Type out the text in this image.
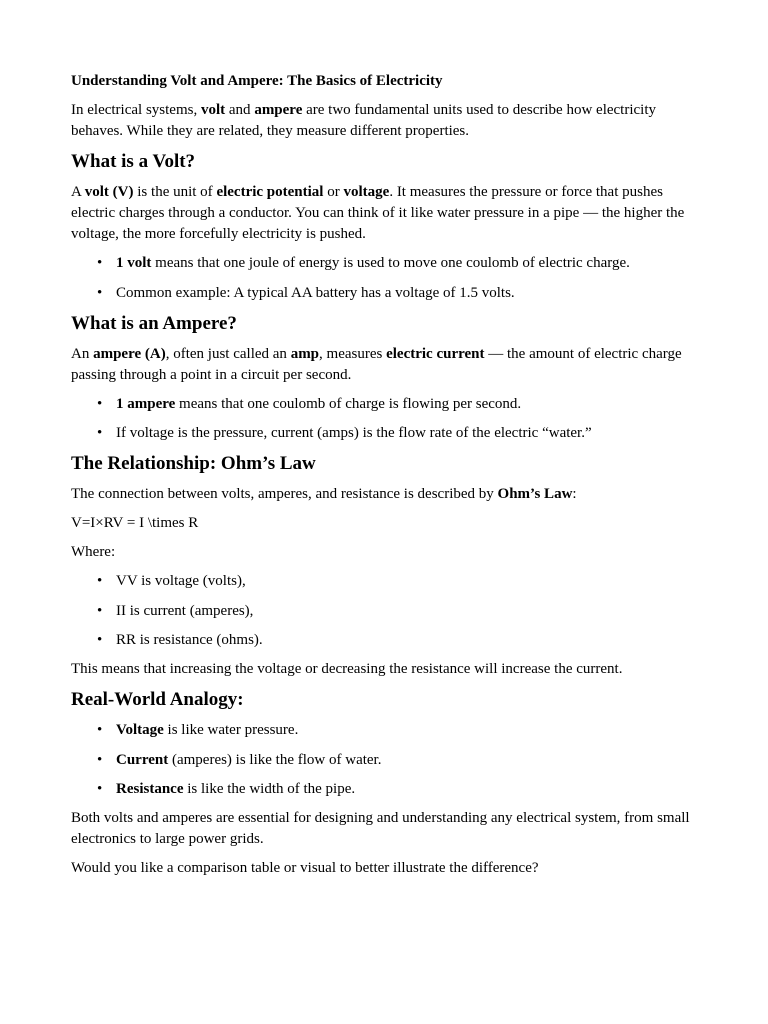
Understanding Volt and Ampere: The Basics of Electricity

In electrical systems, volt and ampere are two fundamental units used to describe how electricity behaves. While they are related, they measure different properties.

What is a Volt?

A volt (V) is the unit of electric potential or voltage. It measures the pressure or force that pushes electric charges through a conductor. You can think of it like water pressure in a pipe — the higher the voltage, the more forcefully electricity is pushed.

• 1 volt means that one joule of energy is used to move one coulomb of electric charge.
• Common example: A typical AA battery has a voltage of 1.5 volts.
What is an Ampere?

An ampere (A), often just called an amp, measures electric current — the amount of electric charge passing through a point in a circuit per second.

• 1 ampere means that one coulomb of charge is flowing per second.
• If voltage is the pressure, current (amps) is the flow rate of the electric “water.”
The Relationship: Ohm’s Law

The connection between volts, amperes, and resistance is described by Ohm’s Law:

V=I×RV = I \times R

Where:

• VV is voltage (volts),
• II is current (amperes),
• RR is resistance (ohms).

This means that increasing the voltage or decreasing the resistance will increase the current.

Real-World Analogy:
• Voltage is like water pressure.
• Current (amperes) is like the flow of water.
• Resistance is like the width of the pipe.

Both volts and amperes are essential for designing and understanding any electrical system, from small electronics to large power grids.

Would you like a comparison table or visual to better illustrate the difference?
